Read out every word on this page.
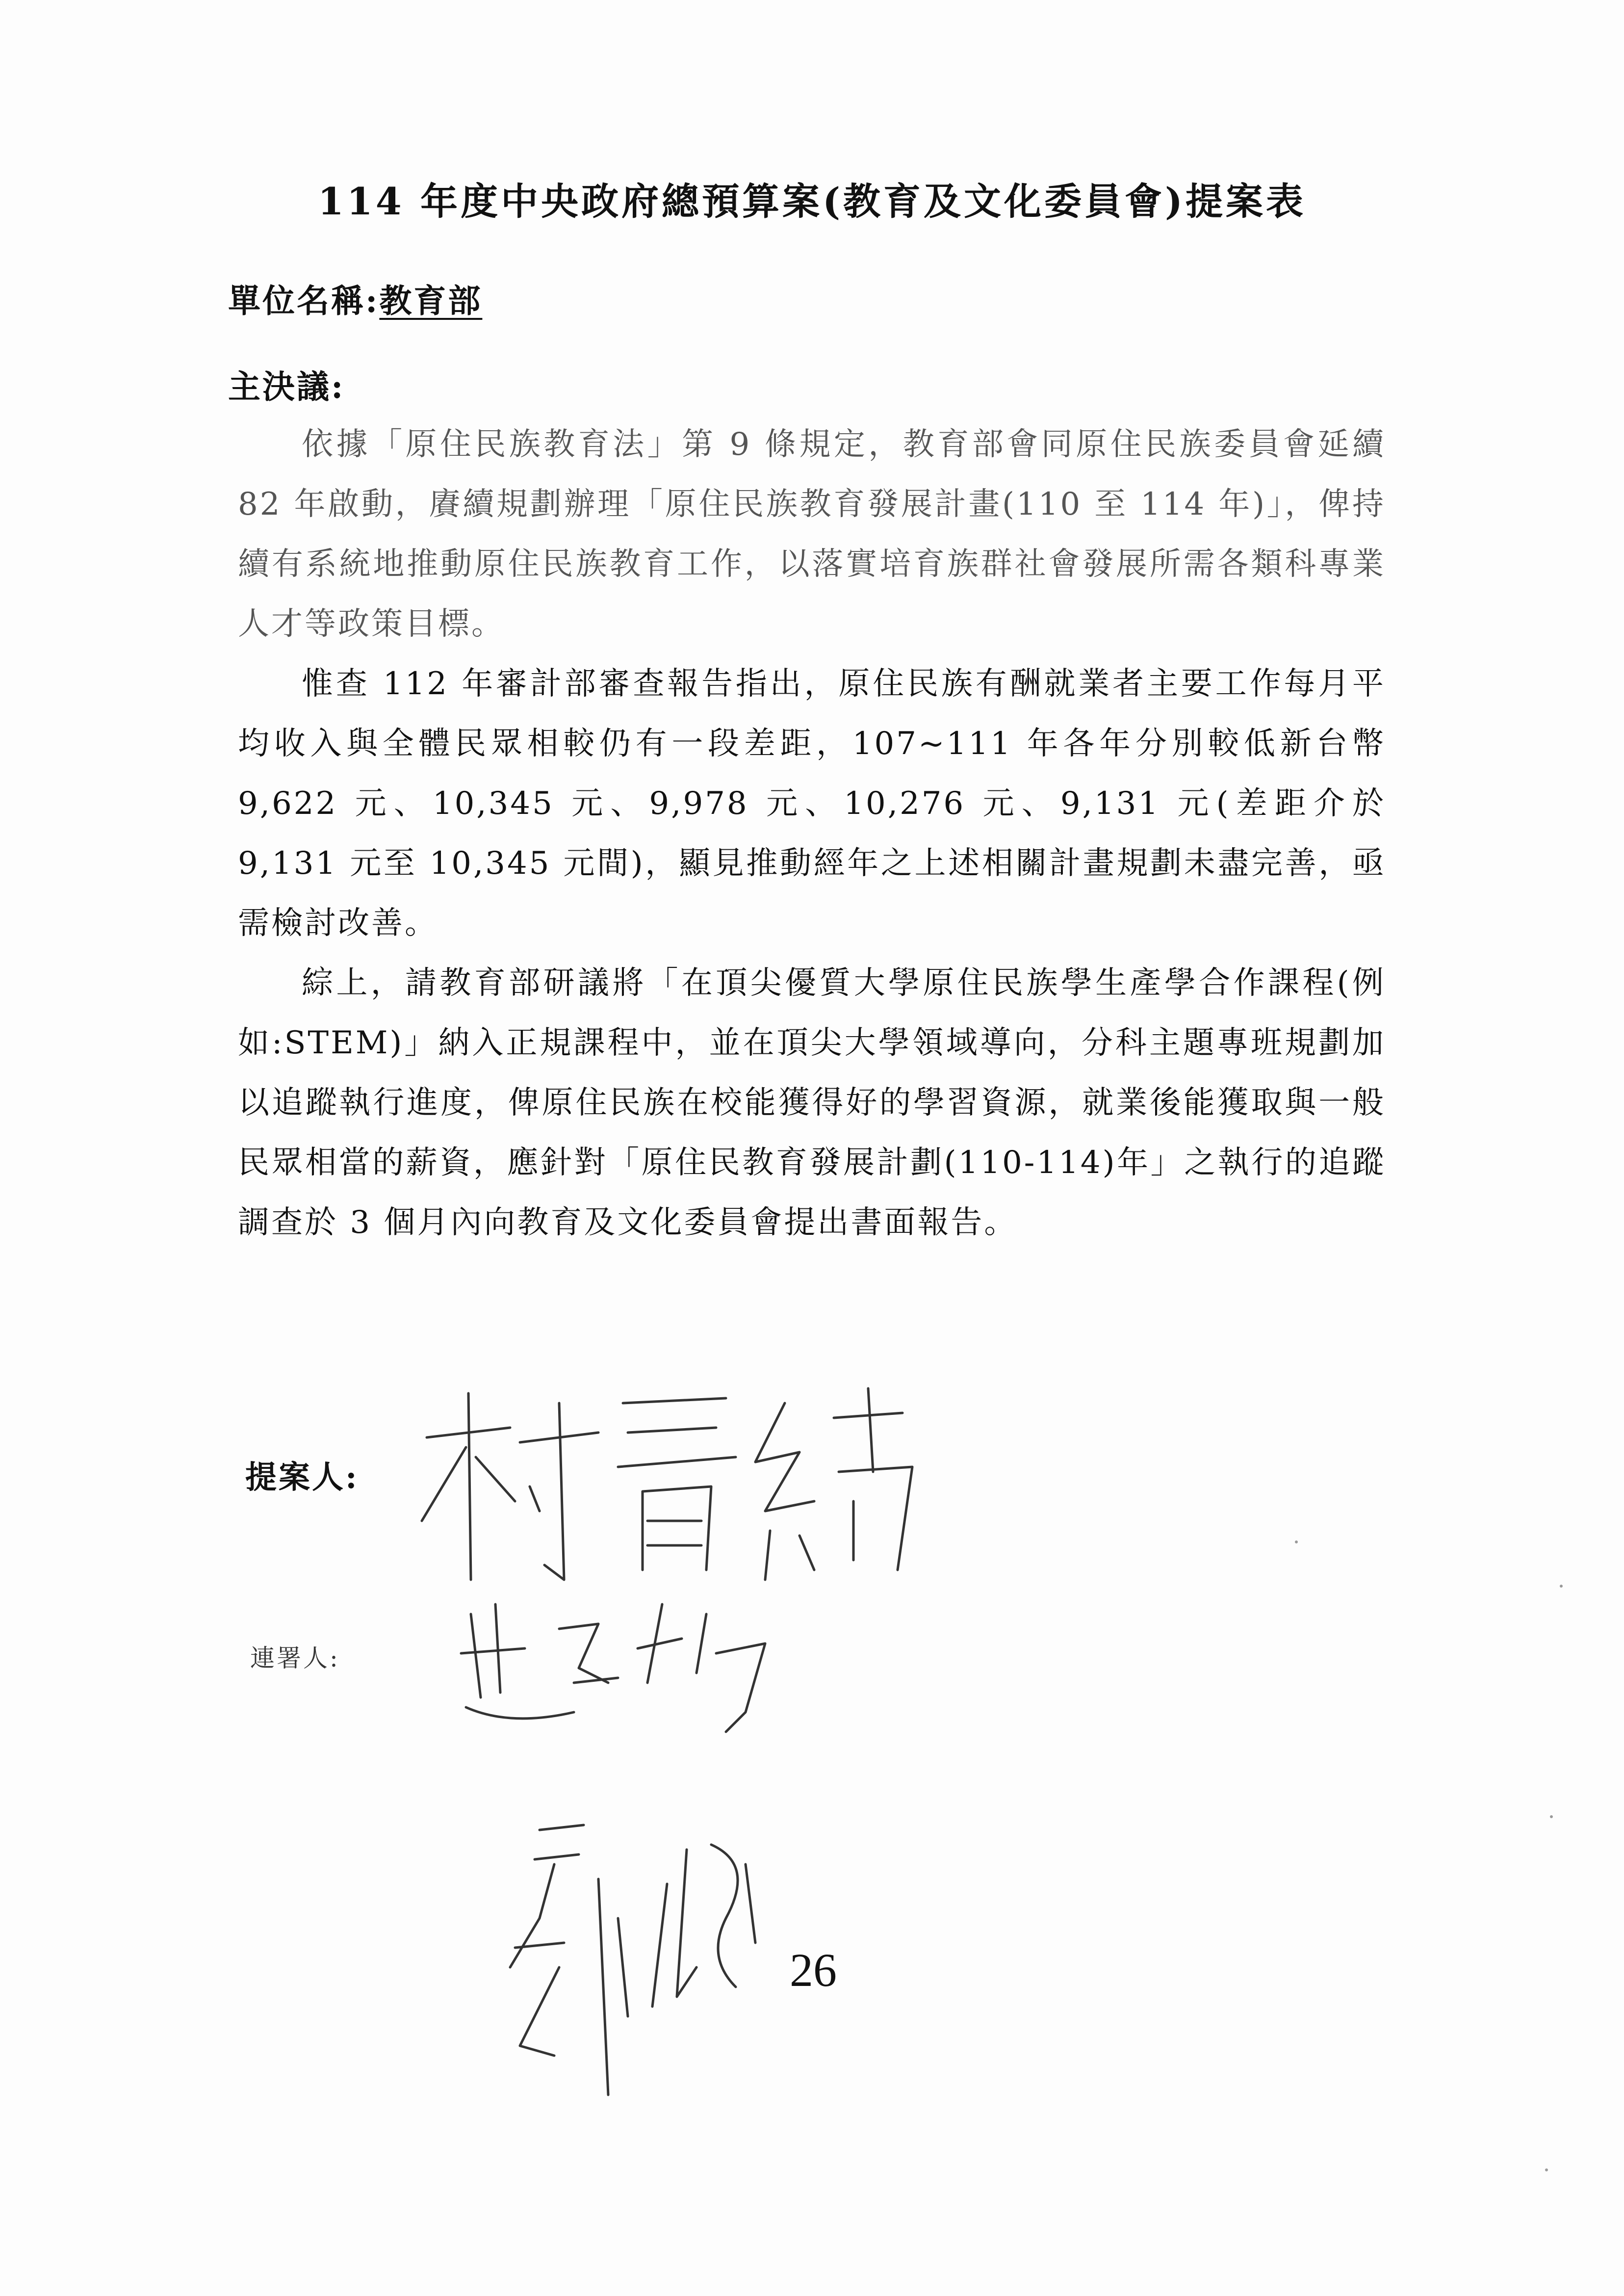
114 年度中央政府總預算案(教育及文化委員會)提案表
單位名稱:教育部
主決議:

依據「原住民族教育法」第 9 條規定，教育部會同原住民族委員會延續 82 年啟動，賡續規劃辦理「原住民族教育發展計畫(110 至 114 年)」，俾持續有系統地推動原住民族教育工作，以落實培育族群社會發展所需各類科專業人才等政策目標。

惟查 112 年審計部審查報告指出，原住民族有酬就業者主要工作每月平均收入與全體民眾相較仍有一段差距，107~111 年各年分別較低新台幣 9,622 元、10,345 元、9,978 元、10,276 元、9,131 元(差距介於 9,131 元至 10,345 元間)，顯見推動經年之上述相關計畫規劃未盡完善，亟需檢討改善。

綜上，請教育部研議將「在頂尖優質大學原住民族學生產學合作課程(例如:STEM)」納入正規課程中，並在頂尖大學領域導向，分科主題專班規劃加以追蹤執行進度，俾原住民族在校能獲得好的學習資源，就業後能獲取與一般民眾相當的薪資，應針對「原住民教育發展計劃(110-114)年」之執行的追蹤調查於 3 個月內向教育及文化委員會提出書面報告。

提案人:
連署人:
26
